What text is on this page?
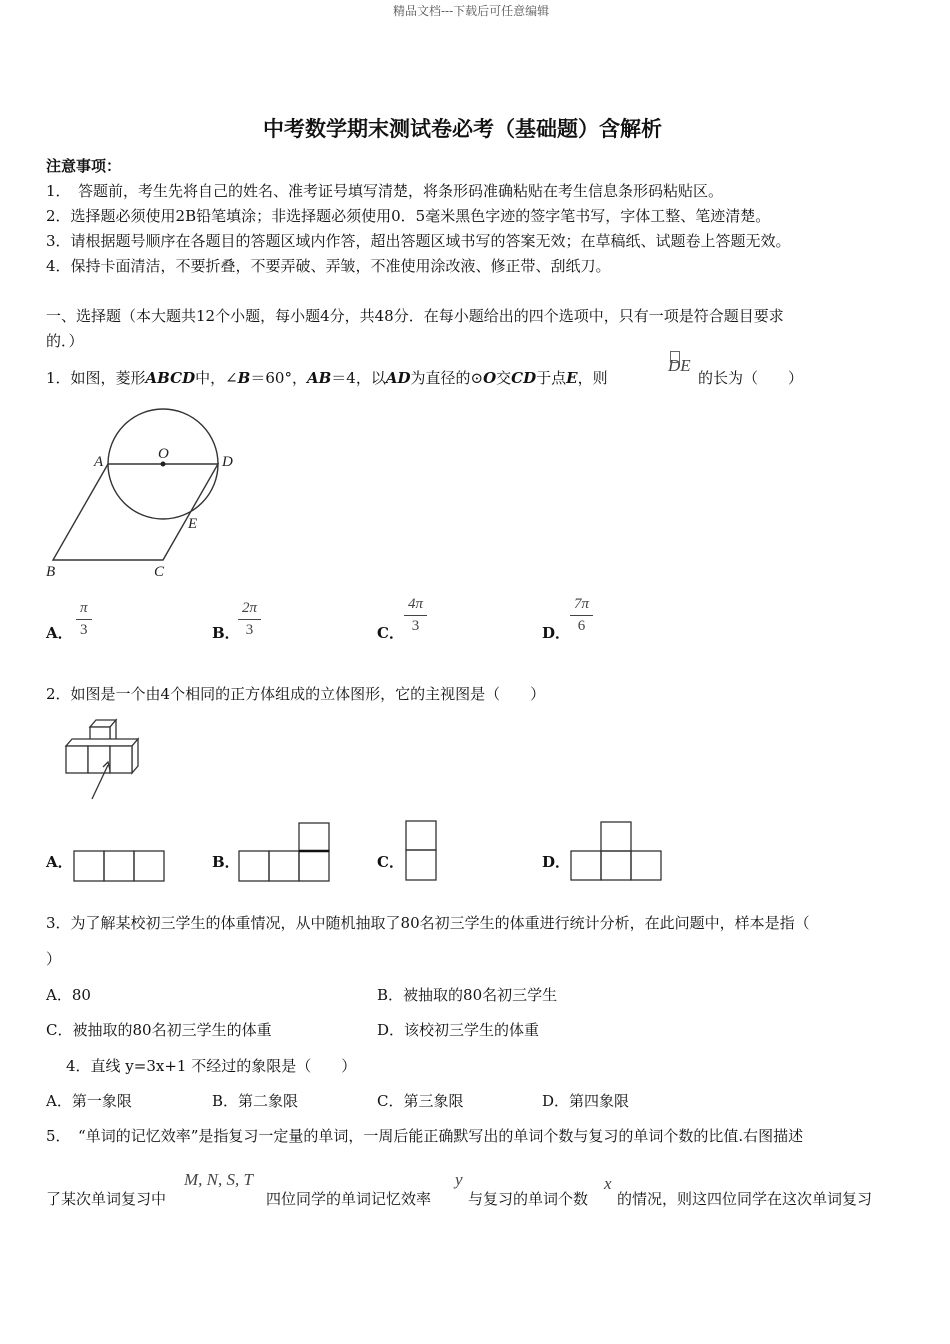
精品文档---下载后可任意编辑
中考数学期末测试卷必考（基础题）含解析
注意事项：
1．　答题前，考生先将自己的姓名、准考证号填写清楚，将条形码准确粘贴在考生信息条形码粘贴区。
2．选择题必须使用2B铅笔填涂；非选择题必须使用0．5毫米黑色字迹的签字笔书写，字体工整、笔迹清楚。
3．请根据题号顺序在各题目的答题区域内作答，超出答题区域书写的答案无效；在草稿纸、试题卷上答题无效。
4．保持卡面清洁，不要折叠，不要弄破、弄皱，不准使用涂改液、修正带、刮纸刀。
一、选择题（本大题共12个小题，每小题4分，共48分．在每小题给出的四个选项中，只有一项是符合题目要求
的．）
1．如图，菱形ABCD中，∠B＝60°，AB＝4，以AD为直径的⊙O交CD于点E，则
DE
的长为（　　）
A	O	D
E
B	C
A． $\frac{\pi}{3}$	B．
$\frac{2\pi}{3}$	C． $\frac{4\pi}{3}$	D． $\frac{7\pi}{6}$
2．如图是一个由4个相同的正方体组成的立体图形，它的主视图是（　　）
A．	B．	C．	D．
3．为了解某校初三学生的体重情况，从中随机抽取了80名初三学生的体重进行统计分析，在此问题中，样本是指（
）
A．80	B．被抽取的80名初三学生
C．被抽取的80名初三学生的体重	D．该校初三学生的体重
4．直线 y=3x+1 不经过的象限是（　　）
A．第一象限	B．第二象限	C．第三象限	D．第四象限
5．　“单词的记忆效率”是指复习一定量的单词，一周后能正确默写出的单词个数与复习的单词个数的比值.右图描述
了某次单词复习中
M, N, S, T
四位同学的单词记忆效率
y
与复习的单词个数
x
的情况，则这四位同学在这次单词复习
